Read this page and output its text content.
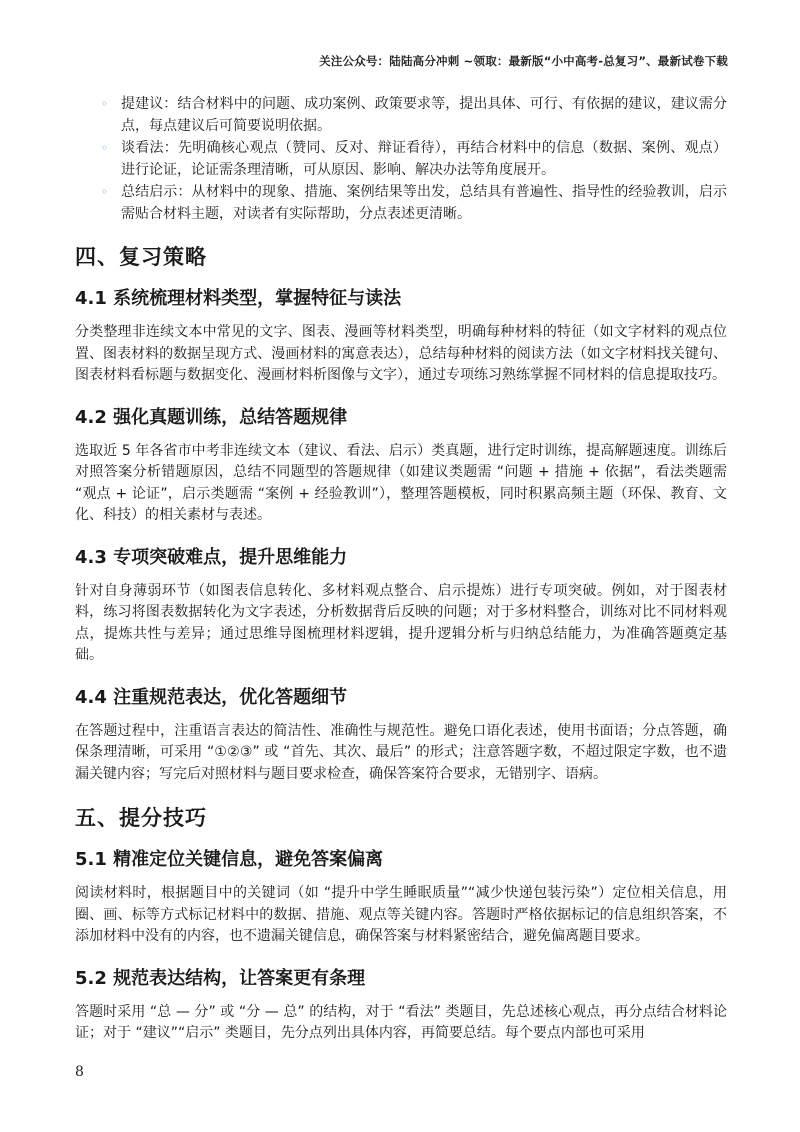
关注公众号：陆陆高分冲刺 ~领取：最新版“小中高考-总复习”、最新试卷下载
◦ 提建议：结合材料中的问题、成功案例、政策要求等，提出具体、可行、有依据的建议，建议需分点，每点建议后可简要说明依据。
◦ 谈看法：先明确核心观点（赞同、反对、辩证看待），再结合材料中的信息（数据、案例、观点）进行论证，论证需条理清晰，可从原因、影响、解决办法等角度展开。
◦ 总结启示：从材料中的现象、措施、案例结果等出发，总结具有普遍性、指导性的经验教训，启示需贴合材料主题，对读者有实际帮助，分点表述更清晰。
四、复习策略
4.1 系统梳理材料类型，掌握特征与读法

分类整理非连续文本中常见的文字、图表、漫画等材料类型，明确每种材料的特征（如文字材料的观点位置、图表材料的数据呈现方式、漫画材料的寓意表达），总结每种材料的阅读方法（如文字材料找关键句、图表材料看标题与数据变化、漫画材料析图像与文字），通过专项练习熟练掌握不同材料的信息提取技巧。

4.2 强化真题训练，总结答题规律

选取近 5 年各省市中考非连续文本（建议、看法、启示）类真题，进行定时训练，提高解题速度。训练后对照答案分析错题原因，总结不同题型的答题规律（如建议类题需 “问题 + 措施 + 依据”，看法类题需 “观点 + 论证”，启示类题需 “案例 + 经验教训”），整理答题模板，同时积累高频主题（环保、教育、文化、科技）的相关素材与表述。

4.3 专项突破难点，提升思维能力

针对自身薄弱环节（如图表信息转化、多材料观点整合、启示提炼）进行专项突破。例如，对于图表材料，练习将图表数据转化为文字表述，分析数据背后反映的问题；对于多材料整合，训练对比不同材料观点，提炼共性与差异；通过思维导图梳理材料逻辑，提升逻辑分析与归纳总结能力，为准确答题奠定基础。

4.4 注重规范表达，优化答题细节

在答题过程中，注重语言表达的简洁性、准确性与规范性。避免口语化表述，使用书面语；分点答题，确保条理清晰，可采用 “①②③” 或 “首先、其次、最后” 的形式；注意答题字数，不超过限定字数，也不遗漏关键内容；写完后对照材料与题目要求检查，确保答案符合要求，无错别字、语病。

五、提分技巧
5.1 精准定位关键信息，避免答案偏离

阅读材料时，根据题目中的关键词（如 “提升中学生睡眠质量”“减少快递包装污染”）定位相关信息，用圈、画、标等方式标记材料中的数据、措施、观点等关键内容。答题时严格依据标记的信息组织答案，不添加材料中没有的内容，也不遗漏关键信息，确保答案与材料紧密结合，避免偏离题目要求。

5.2 规范表达结构，让答案更有条理

答题时采用 “总 — 分” 或 “分 — 总” 的结构，对于 “看法” 类题目，先总述核心观点，再分点结合材料论证；对于 “建议”“启示” 类题目，先分点列出具体内容，再简要总结。每个要点内部也可采用

8
